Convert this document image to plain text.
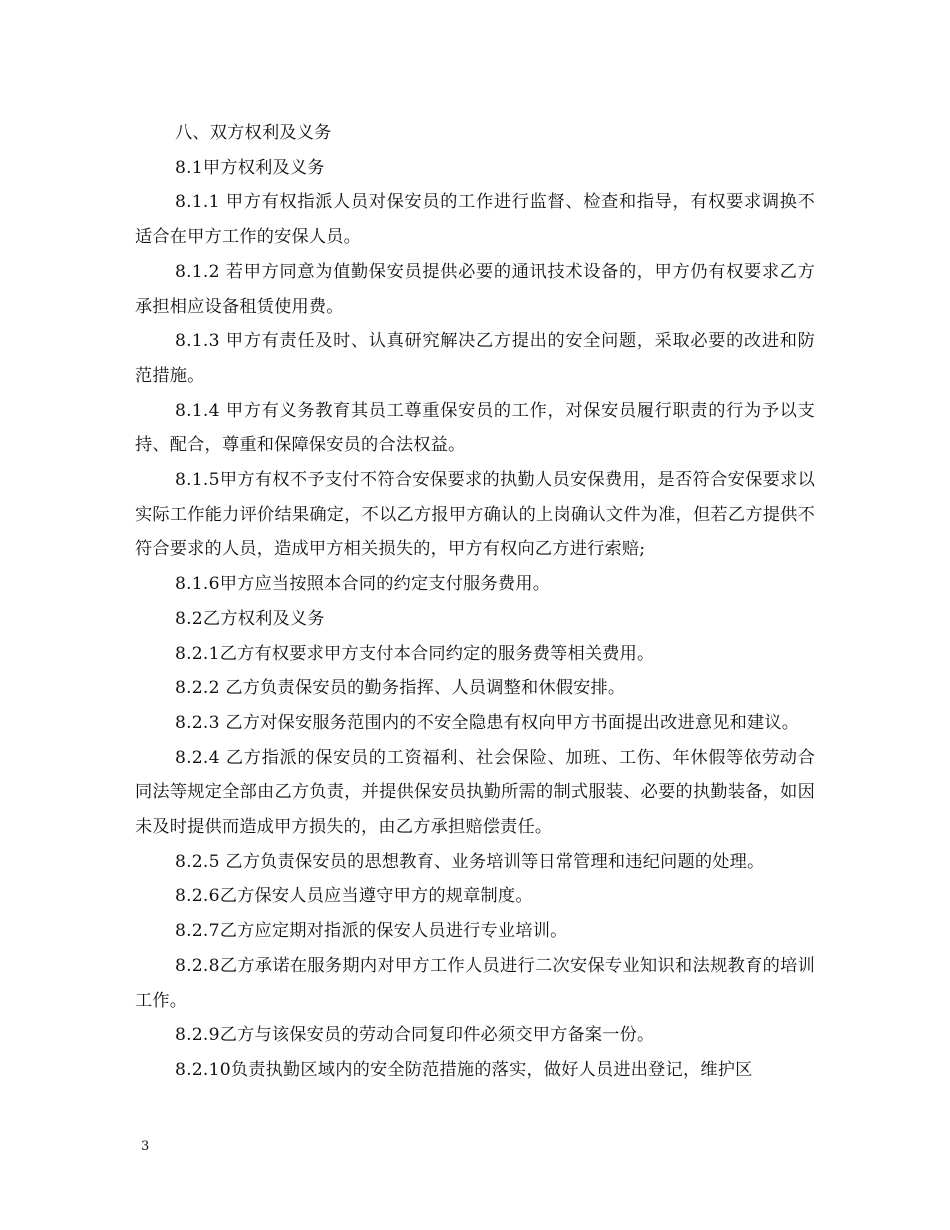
八、双方权利及义务

8.1甲方权利及义务

8.1.1 甲方有权指派人员对保安员的工作进行监督、检查和指导，有权要求调换不适合在甲方工作的安保人员。

8.1.2 若甲方同意为值勤保安员提供必要的通讯技术设备的，甲方仍有权要求乙方承担相应设备租赁使用费。

8.1.3 甲方有责任及时、认真研究解决乙方提出的安全问题，采取必要的改进和防范措施。

8.1.4 甲方有义务教育其员工尊重保安员的工作，对保安员履行职责的行为予以支持、配合，尊重和保障保安员的合法权益。

8.1.5甲方有权不予支付不符合安保要求的执勤人员安保费用，是否符合安保要求以实际工作能力评价结果确定，不以乙方报甲方确认的上岗确认文件为准，但若乙方提供不符合要求的人员，造成甲方相关损失的，甲方有权向乙方进行索赔;

8.1.6甲方应当按照本合同的约定支付服务费用。

8.2乙方权利及义务

8.2.1乙方有权要求甲方支付本合同约定的服务费等相关费用。

8.2.2 乙方负责保安员的勤务指挥、人员调整和休假安排。

8.2.3 乙方对保安服务范围内的不安全隐患有权向甲方书面提出改进意见和建议。

8.2.4 乙方指派的保安员的工资福利、社会保险、加班、工伤、年休假等依劳动合同法等规定全部由乙方负责，并提供保安员执勤所需的制式服装、必要的执勤装备，如因未及时提供而造成甲方损失的，由乙方承担赔偿责任。

8.2.5 乙方负责保安员的思想教育、业务培训等日常管理和违纪问题的处理。

8.2.6乙方保安人员应当遵守甲方的规章制度。

8.2.7乙方应定期对指派的保安人员进行专业培训。

8.2.8乙方承诺在服务期内对甲方工作人员进行二次安保专业知识和法规教育的培训工作。

8.2.9乙方与该保安员的劳动合同复印件必须交甲方备案一份。

8.2.10负责执勤区域内的安全防范措施的落实，做好人员进出登记，维护区

3
